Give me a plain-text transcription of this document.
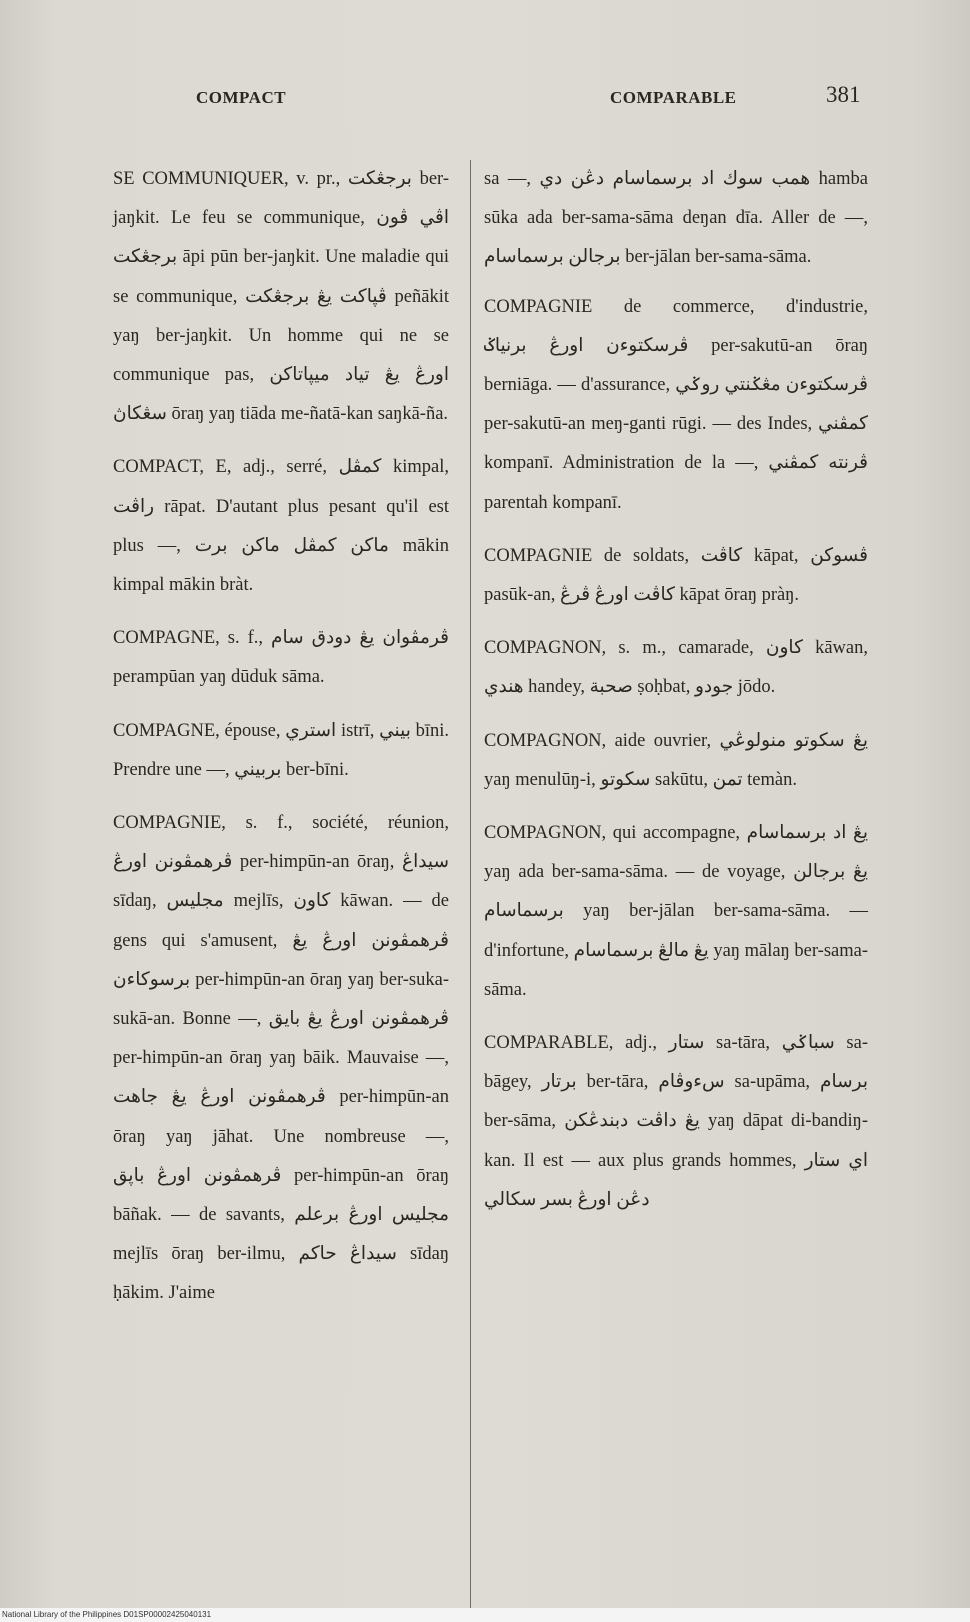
COMPACT	COMPARABLE	381

SE COMMUNIQUER, v. pr., برجڠكت ber-jaŋkit. Le feu se communique, اڤي ڤون برجڠكت āpi pūn ber-jaŋkit. Une maladie qui se communique, ڤڽاكت يڠ برجڠكت peñākit yaŋ ber-jaŋkit. Un homme qui ne se communique pas, اورڠ يڠ تياد ميڽاتاكن سڠكاڽ ōraŋ yaŋ tiāda me-ñatā-kan saŋkā-ña.

COMPACT, E, adj., serré, كمڤل kimpal, راڤت rāpat. D'autant plus pesant qu'il est plus —, ماكن كمڤل ماكن برت mākin kimpal mākin bràt.

COMPAGNE, s. f., ڤرمڤوان يڠ دودق سام perampūan yaŋ dūduk sāma.

COMPAGNE, épouse, استري istrī, بيني bīni. Prendre une —, بربيني ber-bīni.

COMPAGNIE, s. f., société, réunion, ڤرهمڤونن اورڠ per-himpūn-an ōraŋ, سيداڠ sīdaŋ, مجليس mejlīs, كاون kāwan. — de gens qui s'amusent, ڤرهمڤونن اورڠ يڠ برسوكاءن per-himpūn-an ōraŋ yaŋ ber-suka-sukā-an. Bonne —, ڤرهمڤونن اورڠ يڠ بايق per-himpūn-an ōraŋ yaŋ bāik. Mauvaise —, ڤرهمڤونن اورڠ يڠ جاهت per-himpūn-an ōraŋ yaŋ jāhat. Une nombreuse —, ڤرهمڤونن اورڠ باڽق per-himpūn-an ōraŋ bāñak. — de savants, مجليس اورڠ برعلم mejlīs ōraŋ ber-ilmu, سيداڠ حاكم sīdaŋ ḥākim. J'aime

sa —, همب سوك اد برسماسام دڠن دي hamba sūka ada ber-sama-sāma deŋan dīa. Aller de —, برجالن برسماسام ber-jālan ber-sama-sāma.

COMPAGNIE de commerce, d'industrie, ڤرسكتوءن اورڠ برنياݢ per-sakutū-an ōraŋ berniāga. — d'assurance, ڤرسكتوءن مڠݢنتي روݢي per-sakutū-an meŋ-ganti rūgi. — des Indes, كمڤني kompanī. Administration de la —, ڤرنته كمڤني parentah kompanī.

COMPAGNIE de soldats, كاڤت kāpat, ڤسوكن pasūk-an, كاڤت اورڠ ڤرڠ kāpat ōraŋ pràŋ.

COMPAGNON, s. m., camarade, كاون kāwan, هندي handey, صحبة ṣoḥbat, جودو jōdo.

COMPAGNON, aide ouvrier, يڠ سكوتو منولوڠي yaŋ menulūŋ-i, سكوتو sakūtu, تمن temàn.

COMPAGNON, qui accompagne, يڠ اد برسماسام yaŋ ada ber-sama-sāma. — de voyage, يڠ برجالن برسماسام yaŋ ber-jālan ber-sama-sāma. — d'infortune, يڠ مالڠ برسماسام yaŋ mālaŋ ber-sama-sāma.

COMPARABLE, adj., ستار sa-tāra, سباݢي sa-bāgey, برتار ber-tāra, سءوڤام sa-upāma, برسام ber-sāma, يڠ داڤت دبندڠكن yaŋ dāpat di-bandiŋ-kan. Il est — aux plus grands hommes, اي ستار دڠن اورڠ بسر سكالي

National Library of the Philippines D01SP00002425040131
